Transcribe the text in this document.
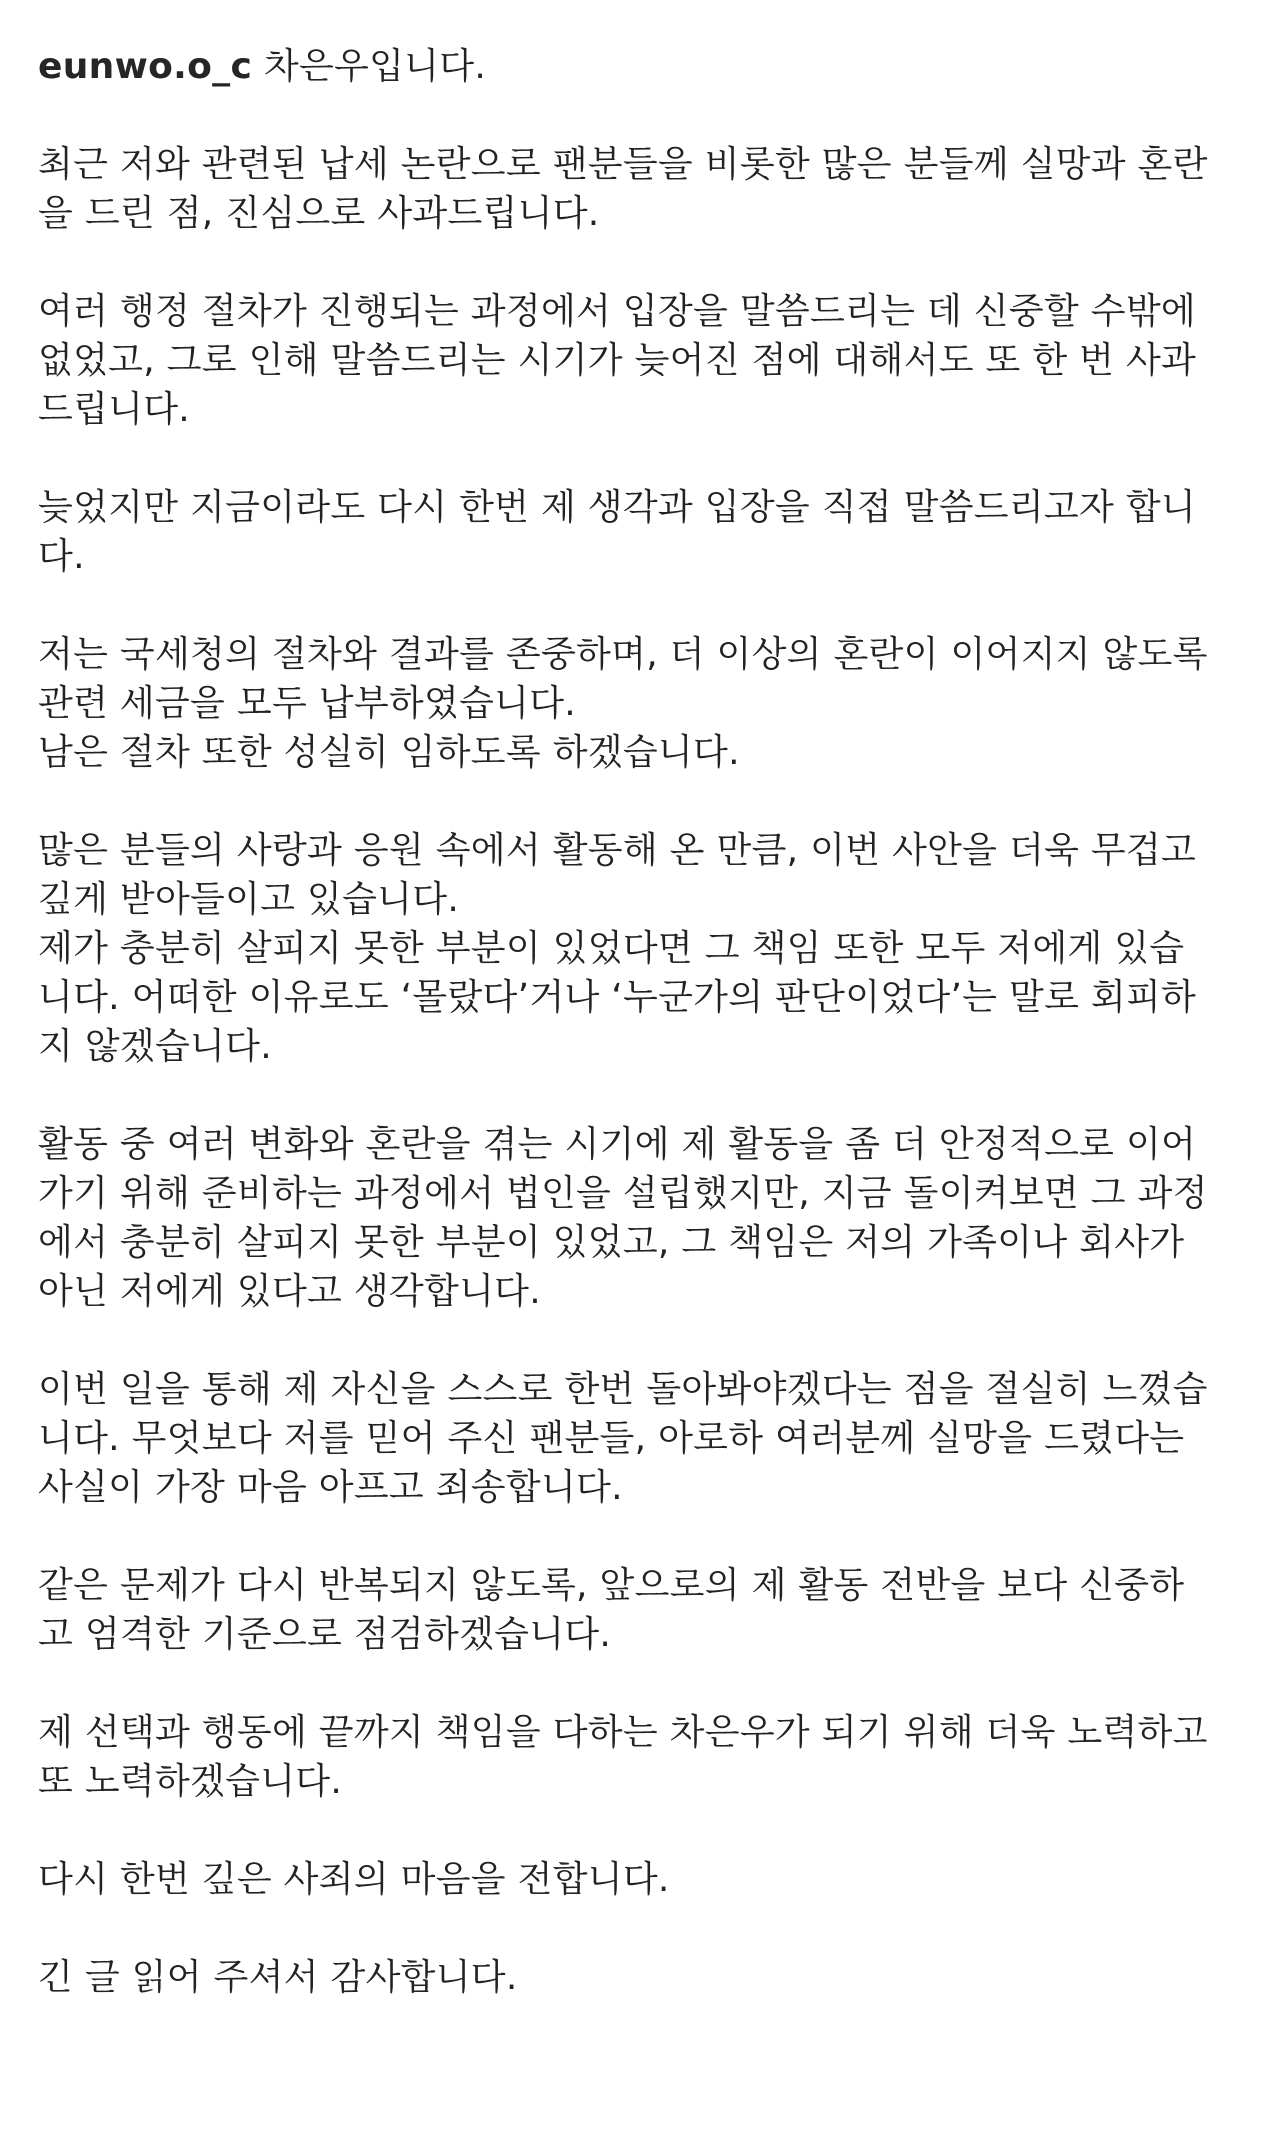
eunwo.o_c 차은우입니다.

최근 저와 관련된 납세 논란으로 팬분들을 비롯한 많은 분들께 실망과 혼란
을 드린 점, 진심으로 사과드립니다.

여러 행정 절차가 진행되는 과정에서 입장을 말씀드리는 데 신중할 수밖에
없었고, 그로 인해 말씀드리는 시기가 늦어진 점에 대해서도 또 한 번 사과
드립니다.

늦었지만 지금이라도 다시 한번 제 생각과 입장을 직접 말씀드리고자 합니
다.

저는 국세청의 절차와 결과를 존중하며, 더 이상의 혼란이 이어지지 않도록
관련 세금을 모두 납부하였습니다.
남은 절차 또한 성실히 임하도록 하겠습니다.

많은 분들의 사랑과 응원 속에서 활동해 온 만큼, 이번 사안을 더욱 무겁고
깊게 받아들이고 있습니다.
제가 충분히 살피지 못한 부분이 있었다면 그 책임 또한 모두 저에게 있습
니다. 어떠한 이유로도 ‘몰랐다’거나 ‘누군가의 판단이었다’는 말로 회피하
지 않겠습니다.

활동 중 여러 변화와 혼란을 겪는 시기에 제 활동을 좀 더 안정적으로 이어
가기 위해 준비하는 과정에서 법인을 설립했지만, 지금 돌이켜보면 그 과정
에서 충분히 살피지 못한 부분이 있었고, 그 책임은 저의 가족이나 회사가
아닌 저에게 있다고 생각합니다.

이번 일을 통해 제 자신을 스스로 한번 돌아봐야겠다는 점을 절실히 느꼈습
니다. 무엇보다 저를 믿어 주신 팬분들, 아로하 여러분께 실망을 드렸다는
사실이 가장 마음 아프고 죄송합니다.

같은 문제가 다시 반복되지 않도록, 앞으로의 제 활동 전반을 보다 신중하
고 엄격한 기준으로 점검하겠습니다.

제 선택과 행동에 끝까지 책임을 다하는 차은우가 되기 위해 더욱 노력하고
또 노력하겠습니다.

다시 한번 깊은 사죄의 마음을 전합니다.

긴 글 읽어 주셔서 감사합니다.
